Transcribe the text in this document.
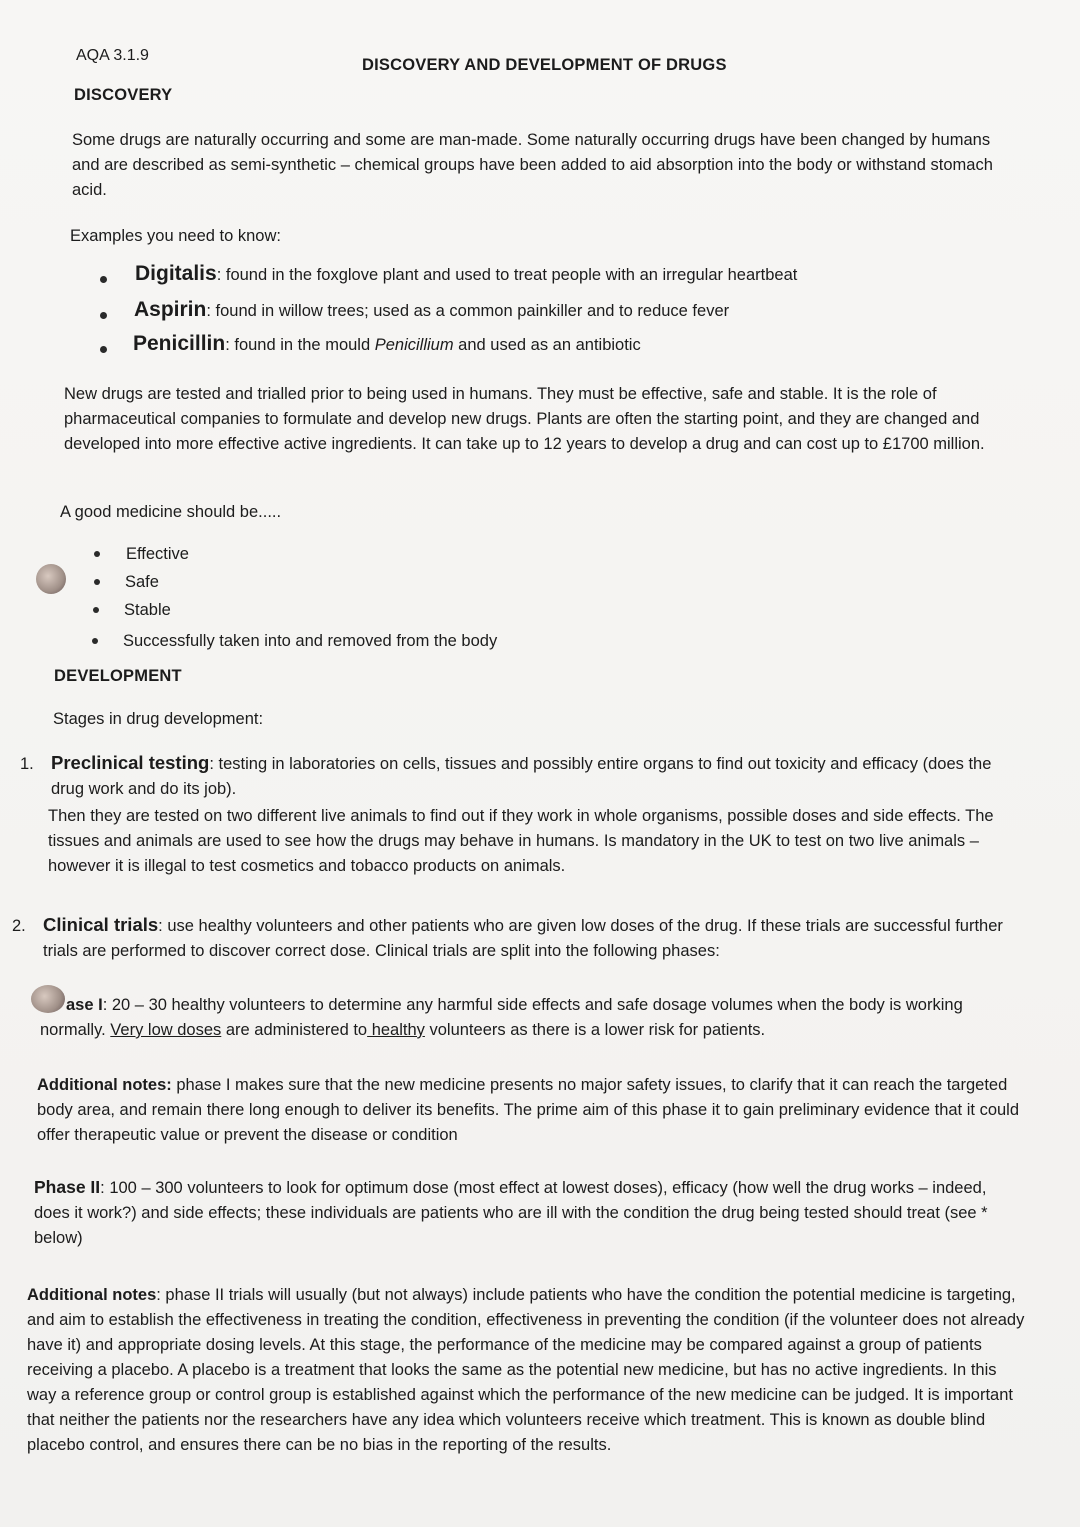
AQA 3.1.9
DISCOVERY AND DEVELOPMENT OF DRUGS
DISCOVERY
Some drugs are naturally occurring and some are man-made. Some naturally occurring drugs have been changed by humans and are described as semi-synthetic – chemical groups have been added to aid absorption into the body or withstand stomach acid.
Examples you need to know:
Digitalis: found in the foxglove plant and used to treat people with an irregular heartbeat
Aspirin: found in willow trees; used as a common painkiller and to reduce fever
Penicillin: found in the mould Penicillium and used as an antibiotic
New drugs are tested and trialled prior to being used in humans. They must be effective, safe and stable. It is the role of pharmaceutical companies to formulate and develop new drugs. Plants are often the starting point, and they are changed and developed into more effective active ingredients. It can take up to 12 years to develop a drug and can cost up to £1700 million.
A good medicine should be.....
Effective
Safe
Stable
Successfully taken into and removed from the body
DEVELOPMENT
Stages in drug development:
1. Preclinical testing: testing in laboratories on cells, tissues and possibly entire organs to find out toxicity and efficacy (does the drug work and do its job).
Then they are tested on two different live animals to find out if they work in whole organisms, possible doses and side effects. The tissues and animals are used to see how the drugs may behave in humans. Is mandatory in the UK to test on two live animals – however it is illegal to test cosmetics and tobacco products on animals.
2. Clinical trials: use healthy volunteers and other patients who are given low doses of the drug. If these trials are successful further trials are performed to discover correct dose. Clinical trials are split into the following phases:
ase I: 20 – 30 healthy volunteers to determine any harmful side effects and safe dosage volumes when the body is working normally. Very low doses are administered to healthy volunteers as there is a lower risk for patients.
Additional notes: phase I makes sure that the new medicine presents no major safety issues, to clarify that it can reach the targeted body area, and remain there long enough to deliver its benefits. The prime aim of this phase it to gain preliminary evidence that it could offer therapeutic value or prevent the disease or condition
Phase II: 100 – 300 volunteers to look for optimum dose (most effect at lowest doses), efficacy (how well the drug works – indeed, does it work?) and side effects; these individuals are patients who are ill with the condition the drug being tested should treat (see * below)
Additional notes: phase II trials will usually (but not always) include patients who have the condition the potential medicine is targeting, and aim to establish the effectiveness in treating the condition, effectiveness in preventing the condition (if the volunteer does not already have it) and appropriate dosing levels. At this stage, the performance of the medicine may be compared against a group of patients receiving a placebo. A placebo is a treatment that looks the same as the potential new medicine, but has no active ingredients. In this way a reference group or control group is established against which the performance of the new medicine can be judged. It is important that neither the patients nor the researchers have any idea which volunteers receive which treatment. This is known as double blind placebo control, and ensures there can be no bias in the reporting of the results.
